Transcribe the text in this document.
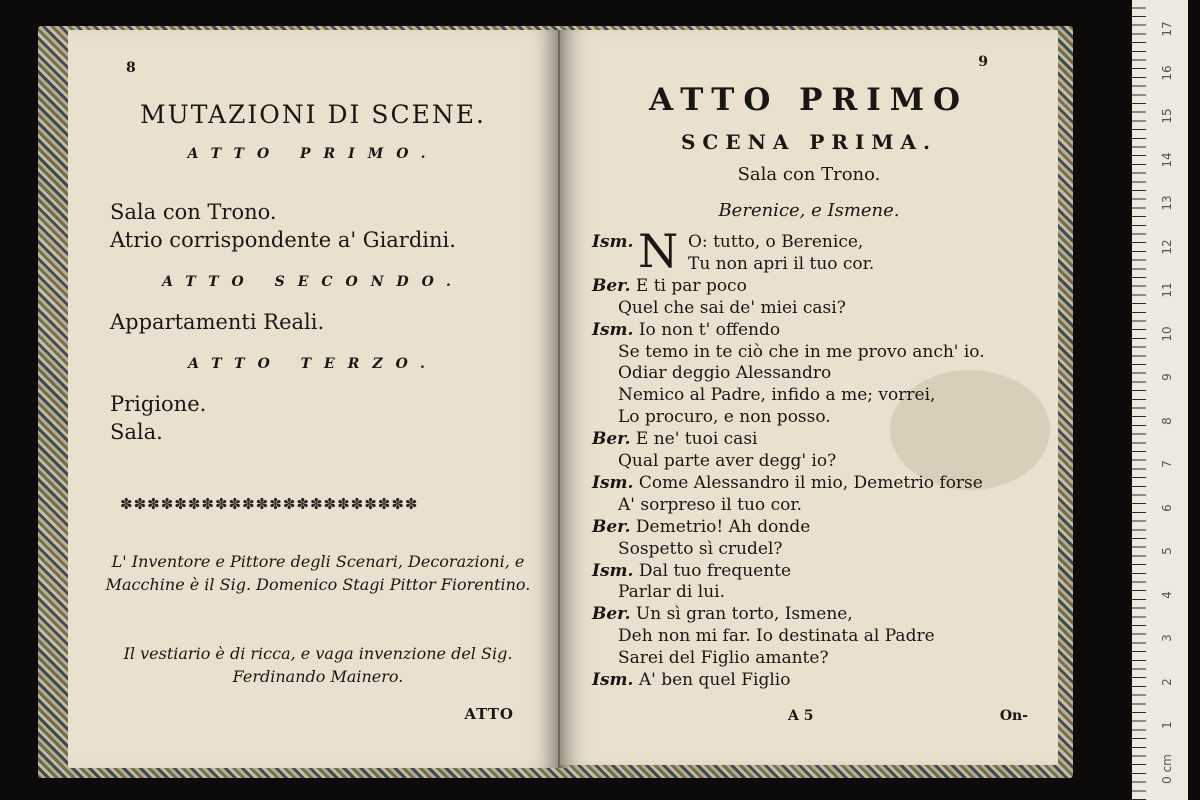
8
MUTAZIONI DI SCENE.
ATTO PRIMO.
Sala con Trono.
Atrio corrispondente a' Giardini.
ATTO SECONDO.
Appartamenti Reali.
ATTO TERZO.
Prigione.
Sala.
✽✽✽✽✽✽✽✽✽✽✽✽✽✽✽✽✽✽✽✽✽✽
L' Inventore e Pittore degli Scenari, Decorazioni, e Macchine è il Sig. Domenico Stagi Pittor Fiorentino.
Il vestiario è di ricca, e vaga invenzione del Sig. Ferdinando Mainero.
ATTO
9
ATTO PRIMO
SCENA PRIMA.
Sala con Trono.
Berenice, e Ismene.
N
Ism.	O: tutto, o Berenice,
Tu non apri il tuo cor.
Ber. E ti par poco
Quel che sai de' miei casi?
Ism. Io non t' offendo
Se temo in te ciò che in me provo anch' io.
Odiar deggio Alessandro
Nemico al Padre, infido a me; vorrei,
Lo procuro, e non posso.
Ber. E ne' tuoi casi
Qual parte aver degg' io?
Ism. Come Alessandro il mio, Demetrio forse
A' sorpreso il tuo cor.
Ber. Demetrio! Ah donde
Sospetto sì crudel?
Ism. Dal tuo frequente
Parlar di lui.
Ber. Un sì gran torto, Ismene,
Deh non mi far. Io destinata al Padre
Sarei del Figlio amante?
Ism. A' ben quel Figlio
A 5	On-
17
16
15
14
13
12
11
10
9
8
7
6
5
4
3
2
1
0 cm
